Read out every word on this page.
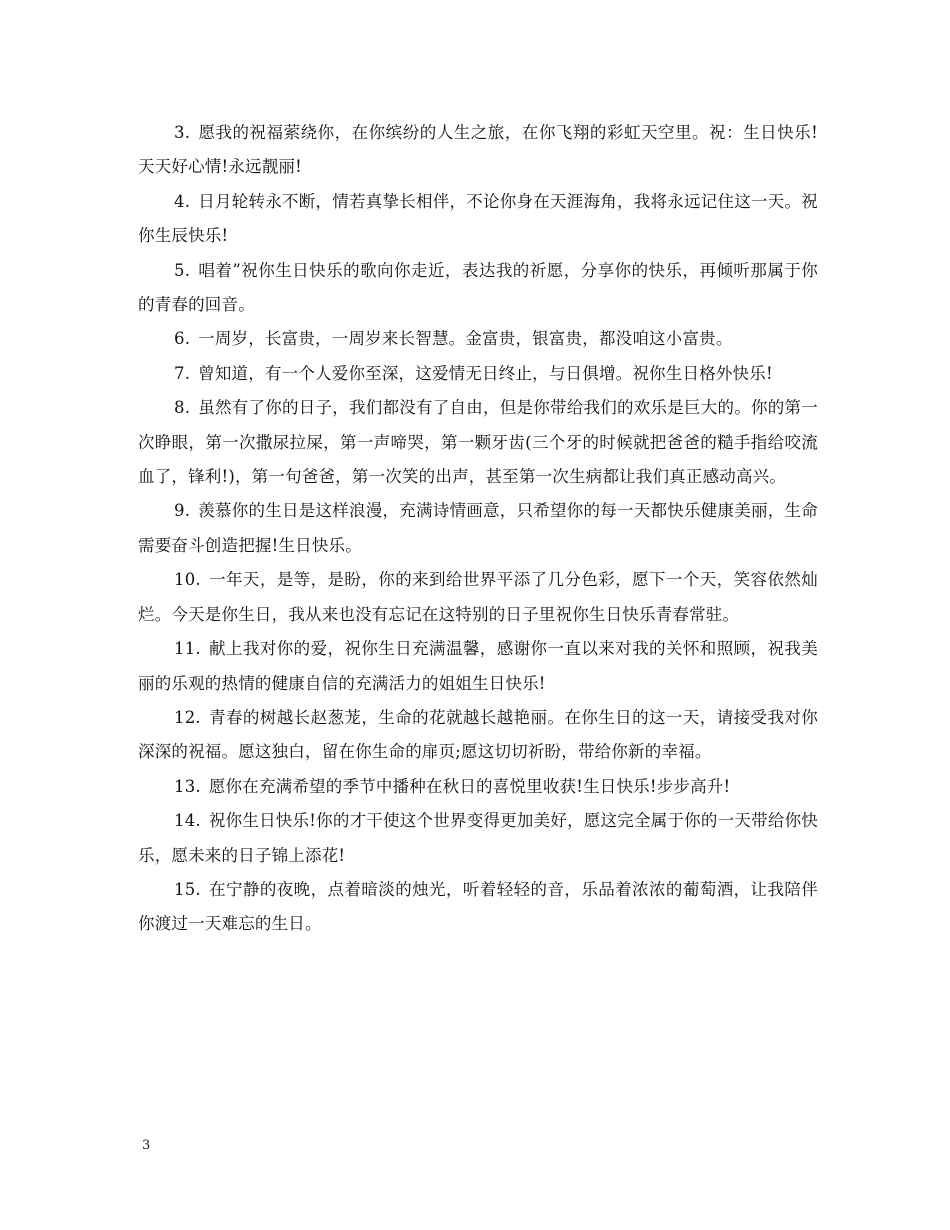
3. 愿我的祝福萦绕你，在你缤纷的人生之旅，在你飞翔的彩虹天空里。祝：生日快乐!天天好心情!永远靓丽!

4. 日月轮转永不断，情若真挚长相伴，不论你身在天涯海角，我将永远记住这一天。祝你生辰快乐!

5. 唱着”祝你生日快乐的歌向你走近，表达我的祈愿，分享你的快乐，再倾听那属于你的青春的回音。

6. 一周岁，长富贵，一周岁来长智慧。金富贵，银富贵，都没咱这小富贵。

7. 曾知道，有一个人爱你至深，这爱情无日终止，与日俱增。祝你生日格外快乐!

8. 虽然有了你的日子，我们都没有了自由，但是你带给我们的欢乐是巨大的。你的第一次睁眼，第一次撒尿拉屎，第一声啼哭，第一颗牙齿(三个牙的时候就把爸爸的糙手指给咬流血了，锋利!)，第一句爸爸，第一次笑的出声，甚至第一次生病都让我们真正感动高兴。

9. 羡慕你的生日是这样浪漫，充满诗情画意，只希望你的每一天都快乐健康美丽，生命需要奋斗创造把握!生日快乐。

10. 一年天，是等，是盼，你的来到给世界平添了几分色彩，愿下一个天，笑容依然灿烂。今天是你生日，我从来也没有忘记在这特别的日子里祝你生日快乐青春常驻。

11. 献上我对你的爱，祝你生日充满温馨，感谢你一直以来对我的关怀和照顾，祝我美丽的乐观的热情的健康自信的充满活力的姐姐生日快乐!

12. 青春的树越长赵葱茏，生命的花就越长越艳丽。在你生日的这一天，请接受我对你深深的祝福。愿这独白，留在你生命的扉页;愿这切切祈盼，带给你新的幸福。

13. 愿你在充满希望的季节中播种在秋日的喜悦里收获!生日快乐!步步高升!

14. 祝你生日快乐!你的才干使这个世界变得更加美好，愿这完全属于你的一天带给你快乐，愿未来的日子锦上添花!

15. 在宁静的夜晚，点着暗淡的烛光，听着轻轻的音，乐品着浓浓的葡萄酒，让我陪伴你渡过一天难忘的生日。

3
